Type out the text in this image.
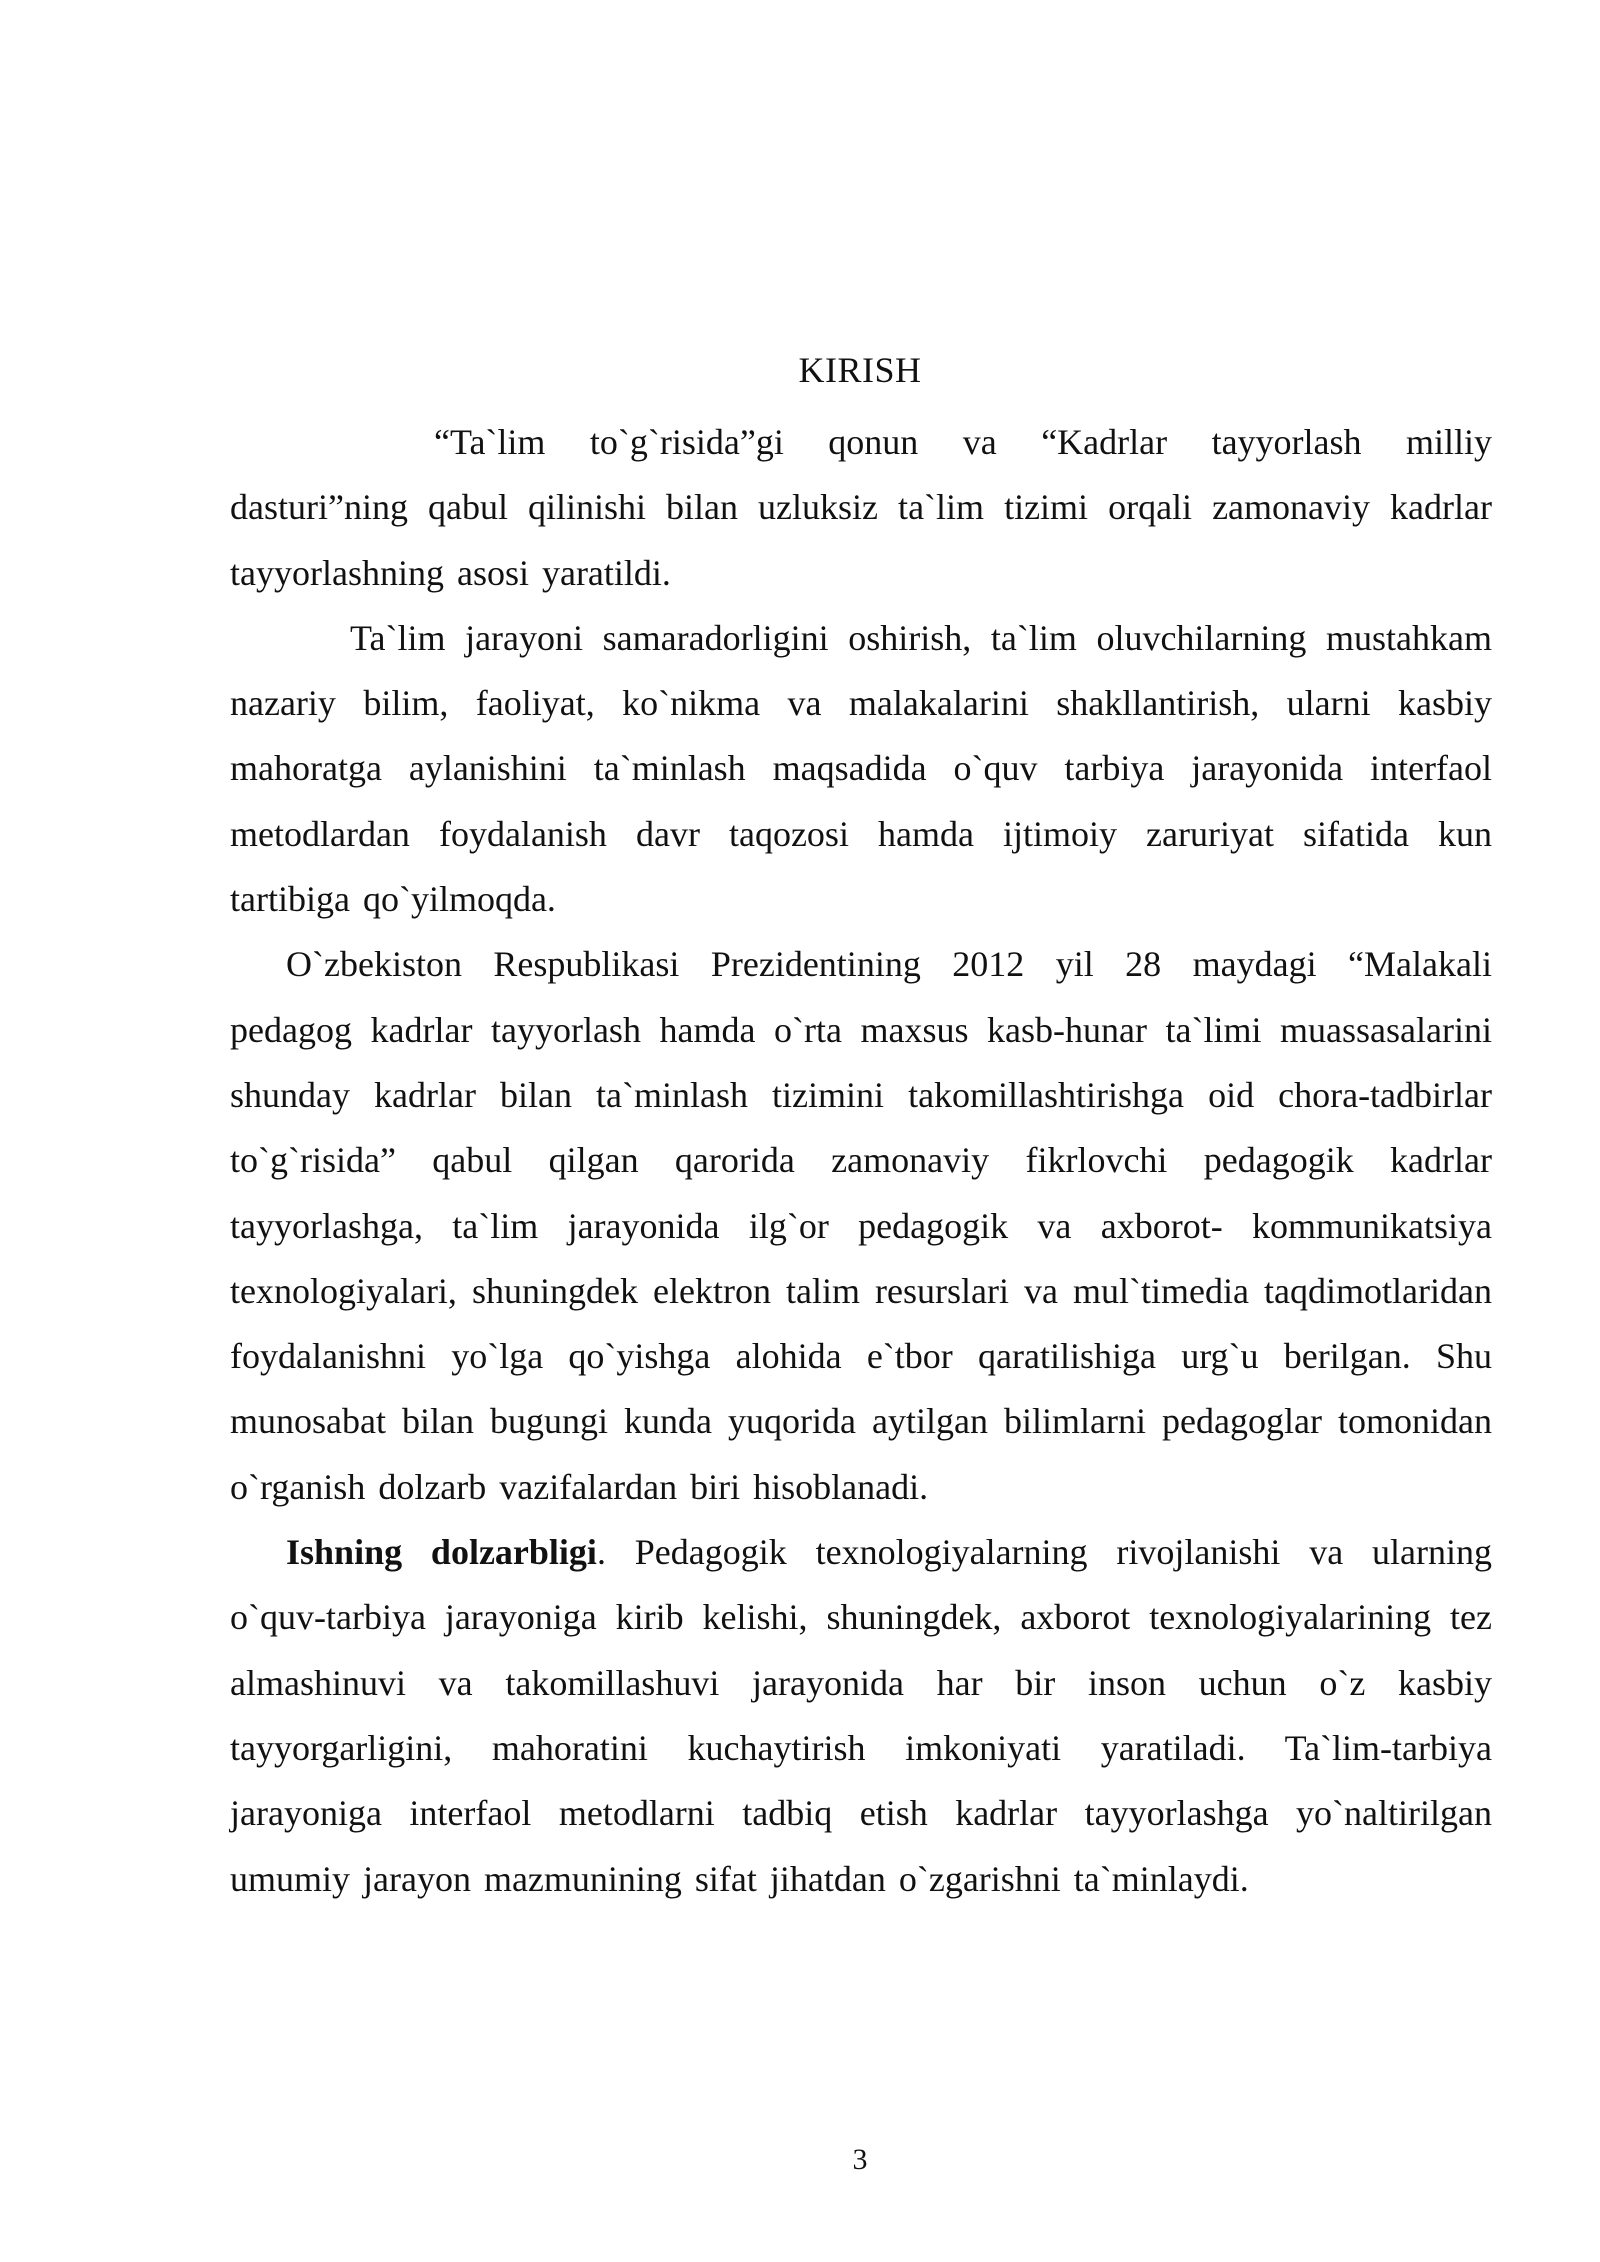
KIRISH

“Ta`lim to`g`risida”gi qonun va “Kadrlar tayyorlash milliy dasturi”ning qabul qilinishi bilan uzluksiz ta`lim tizimi orqali zamonaviy kadrlar tayyorlashning asosi yaratildi.

Ta`lim jarayoni samaradorligini oshirish, ta`lim oluvchilarning mustahkam nazariy bilim, faoliyat, ko`nikma va malakalarini shakllantirish, ularni kasbiy mahoratga aylanishini ta`minlash maqsadida o`quv tarbiya jarayonida interfaol metodlardan foydalanish davr taqozosi hamda ijtimoiy zaruriyat sifatida kun tartibiga qo`yilmoqda.

O`zbekiston Respublikasi Prezidentining 2012 yil 28 maydagi “Malakali pedagog kadrlar tayyorlash hamda o`rta maxsus kasb-hunar ta`limi muassasalarini shunday kadrlar bilan ta`minlash tizimini takomillashtirishga oid chora-tadbirlar to`g`risida” qabul qilgan qarorida zamonaviy fikrlovchi pedagogik kadrlar tayyorlashga, ta`lim jarayonida ilg`or pedagogik va axborot- kommunikatsiya texnologiyalari, shuningdek elektron talim resurslari va mul`timedia taqdimotlaridan foydalanishni yo`lga qo`yishga alohida e`tbor qaratilishiga urg`u berilgan. Shu munosabat bilan bugungi kunda yuqorida aytilgan bilimlarni pedagoglar tomonidan o`rganish dolzarb vazifalardan biri hisoblanadi.

Ishning dolzarbligi. Pedagogik texnologiyalarning rivojlanishi va ularning o`quv-tarbiya jarayoniga kirib kelishi, shuningdek, axborot texnologiyalarining tez almashinuvi va takomillashuvi jarayonida har bir inson uchun o`z kasbiy tayyorgarligini, mahoratini kuchaytirish imkoniyati yaratiladi. Ta`lim-tarbiya jarayoniga interfaol metodlarni tadbiq etish kadrlar tayyorlashga yo`naltirilgan umumiy jarayon mazmunining sifat jihatdan o`zgarishni ta`minlaydi.

3
